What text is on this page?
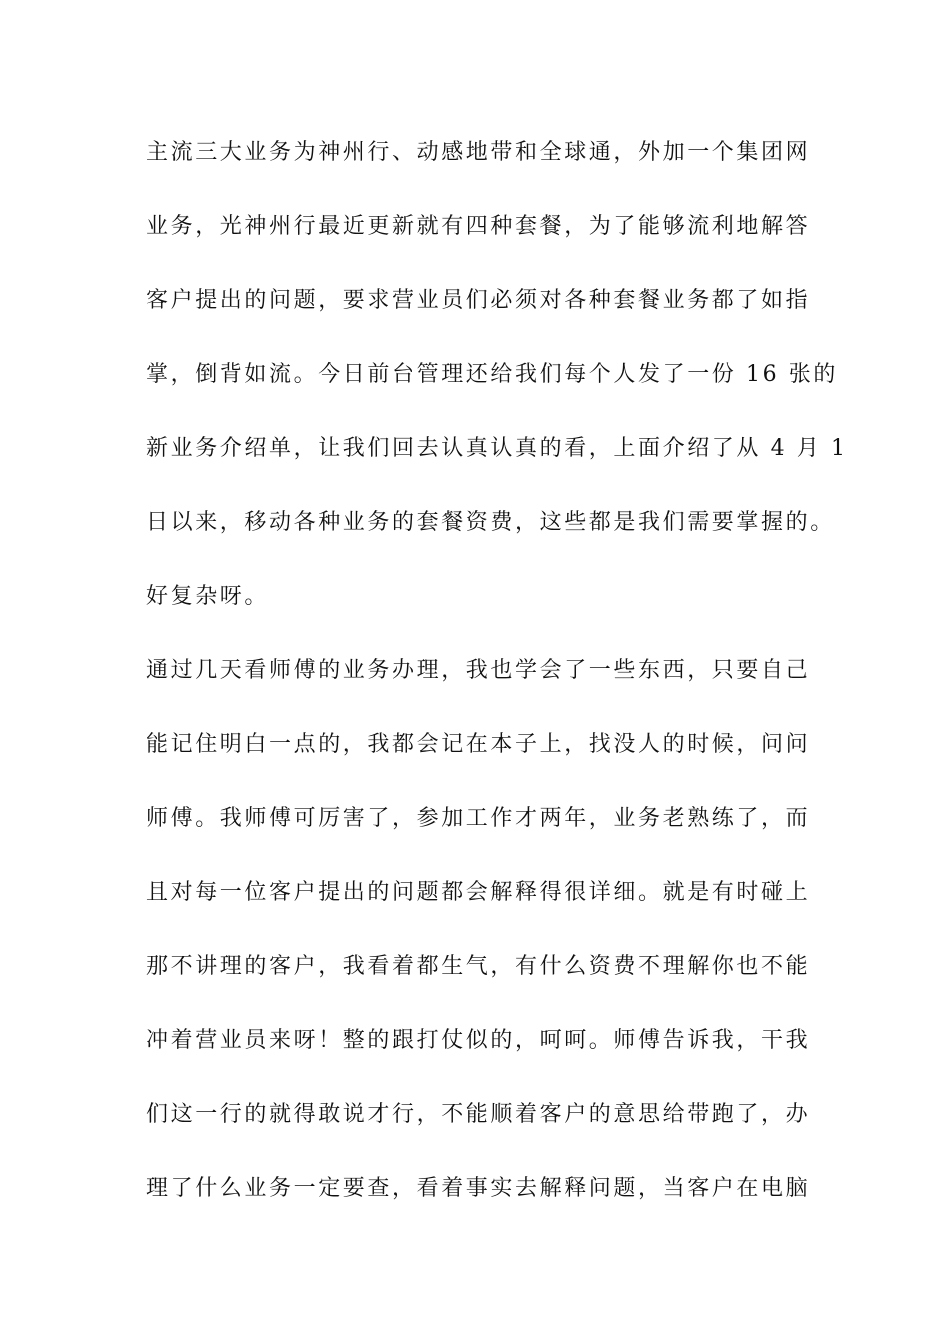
主流三大业务为神州行、动感地带和全球通，外加一个集团网
业务，光神州行最近更新就有四种套餐，为了能够流利地解答
客户提出的问题，要求营业员们必须对各种套餐业务都了如指
掌，倒背如流。今日前台管理还给我们每个人发了一份 16 张的
新业务介绍单，让我们回去认真认真的看，上面介绍了从 4 月 1
日以来，移动各种业务的套餐资费，这些都是我们需要掌握的。
好复杂呀。
通过几天看师傅的业务办理，我也学会了一些东西，只要自己
能记住明白一点的，我都会记在本子上，找没人的时候，问问
师傅。我师傅可厉害了，参加工作才两年，业务老熟练了，而
且对每一位客户提出的问题都会解释得很详细。就是有时碰上
那不讲理的客户，我看着都生气，有什么资费不理解你也不能
冲着营业员来呀！整的跟打仗似的，呵呵。师傅告诉我，干我
们这一行的就得敢说才行，不能顺着客户的意思给带跑了，办
理了什么业务一定要查，看着事实去解释问题，当客户在电脑
